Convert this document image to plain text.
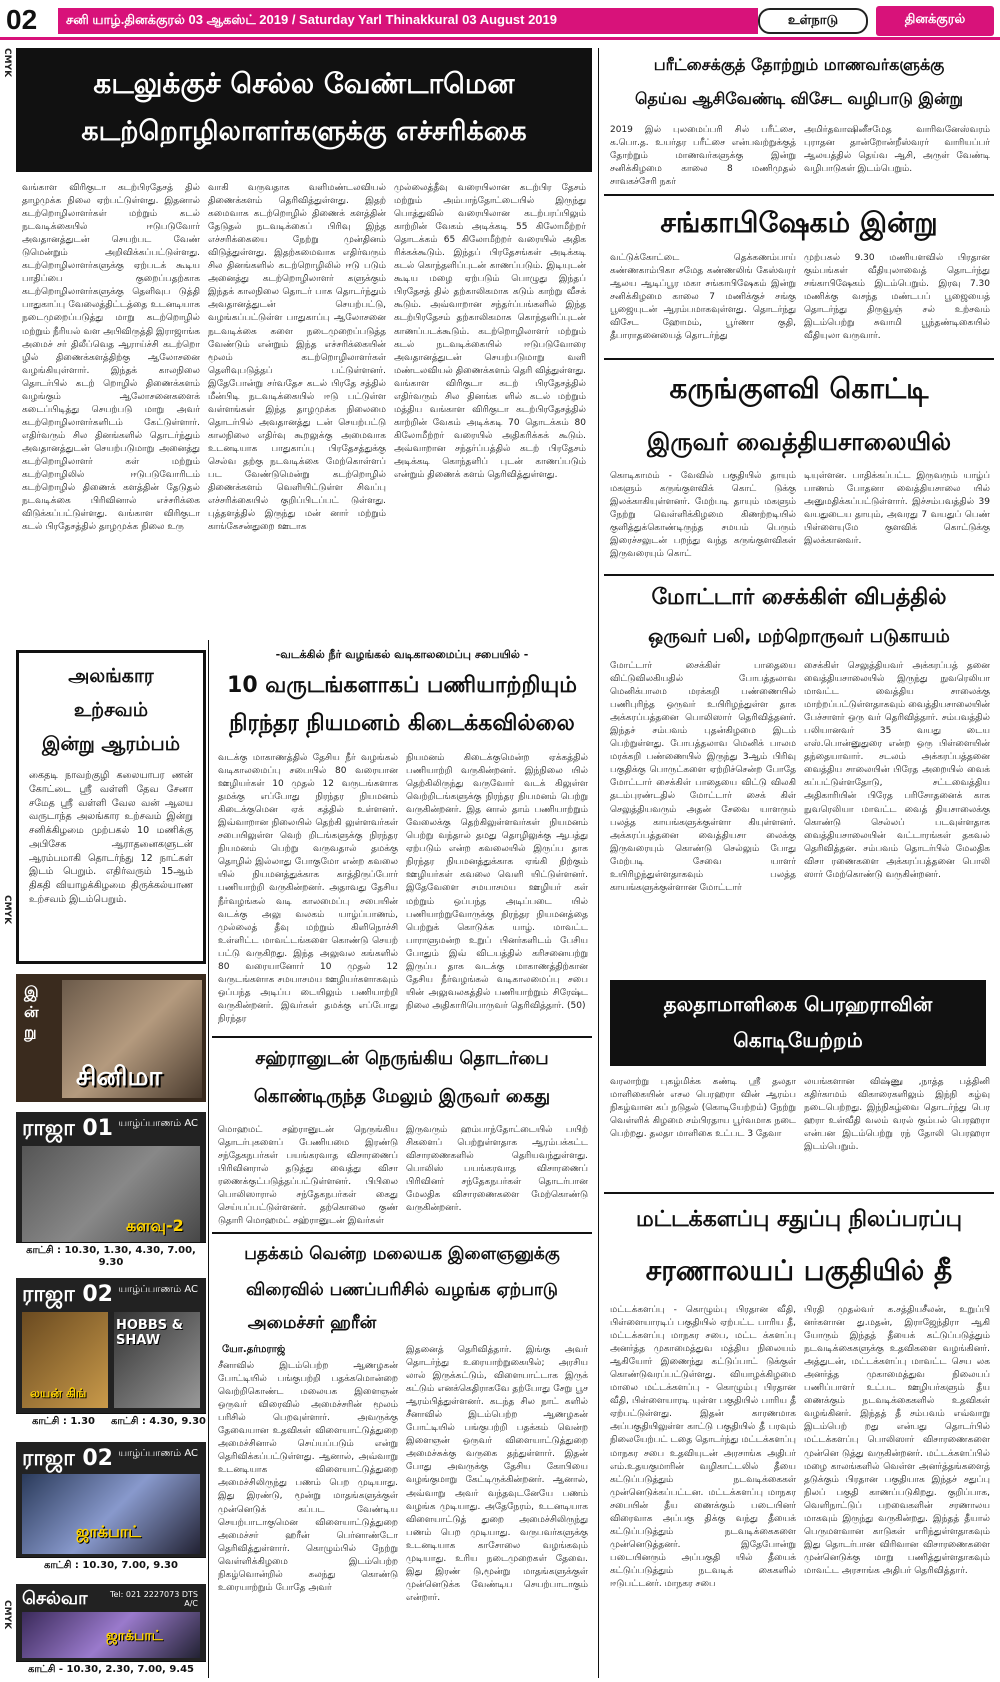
02	சனி யாழ்.தினக்குரல் 03 ஆகஸ்ட் 2019 / Saturday Yarl Thinakkural 03 August 2019	உள்நாடு	தினக்குரல்
CMYK
CMYK
CMYK
கடலுக்குச் செல்ல வேண்டாமென
கடற்றொழிலாளர்களுக்கு எச்சரிக்கை
வங்காள விரிகுடா கடற்பிரதேசத் தில் தாழமுக்க நிலை ஏற்பட்டுள்ளது. இதனால் கடற்றொழிலாளர்கள் மற்றும் கடல் நடவடிக்கையில் ஈடுபடுவோர் அவதானத்துடன் செயற்பட வேண் டுமென்றும் அறிவிக்கப்பட்டுள்ளது. கடற்றொழிலாளர்களுக்கு ஏற்படக் கூடிய பாதிப்பை குறைப்பதற்காக கடற்றொழிலாளர்களுக்கு தெளிவுப டுத்தி பாதுகாப்பு வேலைத்திட்டத்தை உடனடியாக நடைமுறைப்படுத்து மாறு கடற்றொழில் மற்றும் நீரியல் வள அபிவிருத்தி இராஜாங்க அமைச் சர் திலீப்வெத ஆராய்ச்சி கடற்றொ ழில் திணைக்களத்திற்கு ஆலோசனை வழங்கியுள்ளார். இந்தக் காலநிலை தொடர்பில் கடற் றொழில் திணைக்களம் வழங்கும் ஆலோசனைகளைக் கடைப்பிடித்து செயற்படு மாறு அவர் கடற்றொழிலாளர்களிடம் கேட்டுள்ளார். எதிர்வரும் சில தினங்களில் தொடர்ந்தும் அவதானத்துடன் செயற்படுமாறு அனைத்து கடற்றொழிலாளர் கள் மற்றும் கடற்றொழிலில் ஈடுபடுவோரிடம் கடற்றொழில் திணைக் களத்தின் தேடுதல் நடவடிக்கை பிரிவினால் எச்சரிக்கை விடுக்கப்பட்டுள்ளது. வங்காள விரிகுடா கடல் பிரதேசத்தில் தாழமுக்க நிலை உரு
வாகி வருவதாக வளிமண்டலவியல் திணைக்களம் தெரிவித்துள்ளது. இதற் கமைவாக கடற்றொழில் திணைக் களத்தின் தேடுதல் நடவடிக்கைப் பிரிவு இந்த எச்சரிக்கையை நேற்று முன்தினம் விடுத்துள்ளது. இதற்கமைவாக எதிர்வரும் சில தினங்களில் கடற்றொழிலில் ஈடு படும் அனைத்து கடற்றொழிலாளர் களுக்கும் இந்தக் காலநிலை தொடர் பாக தொடர்ந்தும் அவதானத்துடன் செயற்பட்டு, வழங்கப்பட்டுள்ள பாதுகாப்பு ஆலோசனை நடவடிக்கை களை நடைமுறைப்படுத்த வேண்டும் என்றும் இந்த எச்சரிக்கையின் மூலம் கடற்றொழிலாளர்கள் தெளிவுபடுத்தப் பட்டுள்ளனர். இதேபோன்று சர்வதேச கடல் பிரதே சத்தில் மீன்பிடி நடவடிக்கையில் ஈடு பட்டுள்ள வள்ளங்கள் இந்த தாழமுக்க நிலைமை தொடர்பில் அவதானத்து டன் செயற்பட்டு காலநிலை எதிர்வு கூறலுக்கு அமைவாக உடனடியாக பாதுகாப்பு பிரதேசத்துக்கு செல்வ தற்கு நடவடிக்கை மேற்கொள்ளப் பட வேண்டுமென்று கடற்றொழில் திணைக்களம் வெளியிட்டுள்ள சிவப்பு எச்சரிக்கையில் குறிப்பிடப்பட் டுள்ளது. புத்தளத்தில் இருந்து மன் னார் மற்றும் காங்கேசன்துறை ஊடாக
முல்லைத்தீவு வரையிலான கடற்பிர தேசம் மற்றும் அம்பாந்தோட்டையில் இருந்து பொத்துவில் வரையிலான கடற்பரப்பிலும் காற்றின் வேகம் அடிக்கடி 55 கிலோமீற்றர் தொடக்கம் 65 கிலோமீற்றர் வரையில் அதிக ரிக்கக்கூடும். இந்தப் பிரதேசங்கள் அடிக்கடி கடல் கொந்தளிப்புடன் காணப்படும். இடியுடன் கூடிய மழை ஏற்படும் பொழுது இந்தப் பிரதேசத் தில் தற்காலிகமாக கடும் காற்று வீசக் கூடும். அவ்வாறான சந்தர்ப்பங்களில் இந்த கடற்பிரதேசம் தற்காலிகமாக கொந்தளிப்புடன் காணப்படக்கூடும். கடற்றொழிலாளர் மற்றும் கடல் நடவடிக்கையில் ஈடுபடுவோரை அவதானத்துடன் செயற்படுமாறு வளி மண்டலவியல் திணைக்களம் தெரி வித்துள்ளது. வங்காள விரிகுடா கடற் பிரதேசத்தில் எதிர்வரும் சில தினங்க ளில் கடல் மற்றும் மத்திய வங்காள விரிகுடா கடற்பிரதேசத்தில் காற்றின் வேகம் அடிக்கடி 70 தொடக்கம் 80 கிலோமீற்றர் வரையில் அதிகரிக்கக் கூடும். அவ்வாறான சந்தர்ப்பத்தில் கடற் பிரதேசம் அடிக்கடி கொந்தளிப் புடன் காணப்படும் என்றும் திணைக் களம் தெரிவித்துள்ளது.
அலங்கார உற்சவம்
இன்று ஆரம்பம்
கைதடி நாவற்குழி கலையாபர ணன் கோட்டை ஸ்ரீ வள்ளி தேவ சேனா சமேத ஸ்ரீ வள்ளி வேல வன் ஆலய வருடாந்த அலங்கார உற்சவம் இன்று சனிக்கிழமை முற்பகல் 10 மணிக்கு அபிசேக ஆராதனைகளுடன் ஆரம்பமாகி தொடர்ந்து 12 நாட்கள் இடம் பெறும். எதிர்வரும் 15ஆம் திகதி வியாழக்கிழமை திருக்கல்யாண உற்சவம் இடம்பெறும்.
இ ன் று
சினிமா
ராஜா 01 யாழ்ப்பாணம் AC
களவு-2
காட்சி : 10.30, 1.30, 4.30, 7.00, 9.30
ராஜா 02 யாழ்ப்பாணம் AC
HOBBS & SHAW
லயன் கிங்
காட்சி : 1.30	காட்சி : 4.30, 9.30
ராஜா 02 யாழ்ப்பாணம் AC
ஜாக்பாட்
காட்சி : 10.30, 7.00, 9.30
செல்வா	Tel: 021 2227073 DTS A/C
ஜாக்பாட்
காட்சி - 10.30, 2.30, 7.00, 9.45
-வடக்கில் நீர் வழங்கல் வடிகாலமைப்பு சபையில் -
10 வருடங்களாகப் பணியாற்றியும்
நிரந்தர நியமனம் கிடைக்கவில்லை
வடக்கு மாகாணத்தில் தேசிய நீர் வழங்கல் வடிகாலமைப்பு சபையில் 80 வரையான ஊழியர்கள் 10 முதல் 12 வருடங்களாக தமக்கு எப்போது நிரந்தர நியமனம் கிடைக்குமென ஏக் கத்தில் உள்ளனர். இவ்வாறான நிலையில் தெற்கி லுள்ளவர்கள் சபையிலுள்ள வெற் றிடங்களுக்கு நிரந்தர நியமனம் பெற்று வருவதால் தமக்கு தொழில் இல்லாது போகுமோ என்ற கவலை யில் நியமனத்துக்காக காத்திருப்போர் பணியாற்றி வருகின்றனர். அதாவது தேசிய நீர்வழங்கல் வடி காலமைப்பு சபையின் வடக்கு அலு வலகம் யாழ்ப்பாணம், முல்லைத் தீவு மற்றும் கிளிநொச்சி உள்ளிட்ட மாவட்டங்களை கொண்டு செயற் பட்டு வருகிறது. இந்த அலுவல கங்களில் 80 வரையானோர் 10 முதல் 12 வருடங்களாக சமயாசமய ஊழியர்களாகவும் ஒப்பந்த அடிப்ப டையிலும் பணியாற்றி வருகின்றனர். இவர்கள் தமக்கு எப்போது நிரந்தர
நியமனம் கிடைக்குமென்ற ஏக்கத்தில் பணியாற்றி வருகின்றனர். இந்நிலை யில் தெற்கிலிருந்து வருவோர் வடக் கிலுள்ள வெற்றிடங்களுக்கு நிரந்தர நியமனம் பெற்று வருகின்றனர். இத னால் தாம் பணியாற்றும் வேலைக்கு தெற்கிலுள்ளவர்கள் நியமனம் பெற்று வந்தால் தமது தொழிலுக்கு ஆபத்து ஏற்படும் என்ற கவலையில் இருப்ப தாக நிரந்தர நியமனத்துக்காக ஏங்கி நிற்கும் ஊழியர்கள் கவலை வெளி யிட்டுள்ளனர். இதேவேளை சமயாசமய ஊழியர் கள் மற்றும் ஒப்பந்த அடிப்படை யில் பணியாற்றுவோருக்கு நிரந்தர நியமனத்தை பெற்றுக் கொடுக்க யாழ். மாவட்ட பாராளுமன்ற உறுப் பினர்களிடம் பேசிய போதும் இவ் விடயத்தில் கரிசனையற்று இருப்ப தாக வடக்கு மாகாணத்திற்கான தேசிய நீர்வழங்கல் வடிகாலமைப்பு சபை யின் அலுவலகத்தில் பணியாற்றும் சிரேஷ்ட நிலை அதிகாரியொருவர் தெரிவித்தார். (50)
சஹ்ரானுடன் நெருங்கிய தொடர்பை
கொண்டிருந்த மேலும் இருவர் கைது
மொஹமட் சஹ்ரானுடன் நெருங்கிய தொடர்புகளைப் பேணியமை இரண்டு சந்தேகநபர்கள் பயங்கரவாத விசாரணைப் பிரிவினரால் தடுத்து வைத்து விசா ரணைக்குட்படுத்தப்பட்டுள்ளனர். பிபிலை பொலிஸாரால் சந்தேகநபர்கள் கைது செய்யப்பட்டுள்ளனர். தற்கொலை குண் டுதாரி மொஹமட் சஹ்ரானுடன் இவர்கள்
இருவரும் ஹம்பாந்தோட்டையில் பயிற் சிகளைப் பெற்றுள்ளதாக ஆரம்பக்கட்ட விசாரணைகளில் தெரியவந்துள்ளது. பொலிஸ் பயங்கரவாத விசாரணைப் பிரிவினர் சந்தேகநபர்கள் தொடர்பான மேலதிக விசாரணைகளை மேற்கொண்டு வருகின்றனர்.
பதக்கம் வென்ற மலையக இளைஞனுக்கு
விரைவில் பணப்பரிசில் வழங்க ஏற்பாடு
அமைச்சர் ஹரீன்
யோ.தர்மராஜ்
சீனாவில் இடம்பெற்ற ஆணழகன் போட்டியில் பங்குபற்றி பதக்கமொன்றை வெற்றிகொண்ட மலையக இளைஞன் ஒருவர் விரைவில் அமைச்சரின் மூலம் பரிசில் பெறவுள்ளார். அவருக்கு தேவையான உதவிகள் விளையாட்டுத்துறை அமைச்சினால் செய்யப்படும் என்று தெரிவிக்கப்பட்டுள்ளது. ஆனால், அவ்வாறு உடனடியாக விளையாட்டுத்துறை அமைச்சிலிருந்து பணம் பெற முடியாது. இது இரண்டு, மூன்று மாதங்களுக்குள் முன்னெடுக் கப்பட வேண்டிய செயற்பாடாகுமென விளையாட்டுத்துறை அமைச்சர் ஹரீன் பெர்னாண்டோ தெரிவித்துள்ளார். கொழும்பில் நேற்று வெள்ளிக்கிழமை இடம்பெற்ற நிகழ்வொன்றில் கலந்து கொண்டு உரையாற்றும் போதே அவர்
இதனைத் தெரிவித்தார். இங்கு அவர் தொடர்ந்து உரையாற்றுகையில்; அரசிய லால் இருக்கட்டும், விளையாட்டாக இருக் கட்டும் எனக்கெதிராகவே தற்போது சேறு பூச ஆரம்பித்துள்ளனர். கடந்த சில நாட் களில் சீனாவில் இடம்பெற்ற ஆணழகன் போட்டியில் பங்குபற்றி பதக்கம் வென்ற இளைஞன் ஒருவர் விளையாட்டுத்துறை அமைச்சுக்கு வருகை தந்துள்ளார். இதன் போது அவருக்கு தேசிய கோபியை வழங்குமாறு கேட்டிருக்கின்றனர். ஆனால், அவ்வாறு அவர் வந்தவுடனேயே பணம் வழங்க முடியாது. அதேநேரம், உடனடியாக விளையாட்டுத் துறை அமைச்சிலிருந்து பணம் பெற முடியாது. வருபவர்களுக்கு உடனடியாக காசோலை வழங்கவும் முடியாது. உரிய நடைமுறைகள் தேவை. இது இரண் டு,மூன்று மாதங்களுக்குள் முன்னெடுக்க வேண்டிய செயற்பாடாகும் என்றார்.
பரீட்சைக்குத் தோற்றும் மாணவர்களுக்கு
தெய்வ ஆசிவேண்டி விசேட வழிபாடு இன்று
2019 இல் புலமைப்பரி சில் பரீட்சை, க.பொ.த. உயர்தர பரீட்சை என்பவற்றுக்குத் தோற்றும் மாணவர்களுக்கு இன்று சனிக்கிழமை காலை 8 மணிமுதல் சாவகச்சேரி நகர்
அமிர்தவாஷினீசமேத வாரிவனேஸ்வரம் புராதன தான்றோன்றீஸ்வரர் வாரியப்பர் ஆலயத்தில் தெய்வ ஆசி, அருள் வேண்டி வழிபாடுகள் இடம்பெறும்.
சங்காபிஷேகம் இன்று
வட்டுக்கோட்டை தெக்கணம்பாய் கண்ணகாம்பிகா சமேத கண்ணலிங் கேஸ்வரர் ஆலய ஆடிப்பூர மகா சங்காபிஷேகம் இன்று சனிக்கிழமை காலை 7 மணிக்குச் சங்கு பூஜையுடன் ஆரம்பமாகவுள்ளது. தொடர்ந்து விசேட ஹோமம், பூர்ணா குதி, தீபாராதனையைத் தொடர்ந்து
முற்பகல் 9.30 மணியளவில் பிரதான கும்பங்கள் வீதியுலாவைத் தொடர்ந்து சங்காபிஷேகம் இடம்பெறும். இரவு 7.30 மணிக்கு வசந்த மண்டபப் பூஜையைத் தொடர்ந்து திருவூஞ் சல் உற்சவம் இடம்பெற்று சுவாமி பூந்தண்டிகையில் வீதியுலா வருவார்.
கருங்குளவி கொட்டி
இருவர் வைத்தியசாலையில்
கொடிகாமம் - வேவில் பகுதியில் தாயும் மகளும் கருங்குளவிக் கொட் டுக்கு இலக்காகியுள்ளனர். மேற்படி தாயும் மகளும் நேற்று வெள்ளிக்கிழமை கிணற்றடியில் குளித்துக்கொண்டிருந்த சமயம் பெரும் இரைச்சலுடன் பறந்து வந்த கருங்குளவிகள் இருவரையும் கொட்
டியுள்ளன. பாதிக்கப்பட்ட இருவரும் யாழ்ப் பாணம் போதனா வைத்தியசாலை யில் அனுமதிக்கப்பட்டுள்ளார். இச்சம்பவத்தில் 39 வயதுடைய தாயும், அவரது 7 வயதுப் பெண் பிள்ளையுமே குளவிக் கொட்டுக்கு இலக்கானவர்.
மோட்டார் சைக்கிள் விபத்தில்
ஒருவர் பலி, மற்றொருவர் படுகாயம்
மோட்டார் சைக்கிள் பாதையை விட்டுவிலகியதில் போபத்தலாவ மெனிக்பாலம மரக்கறி பண்ணையில் பணிபுரிந்த ஒருவர் உயிரிழந்துள்ள தாக அக்கரப்பத்தனை பொலிஸார் தெரிவித்தனர். இந்தச் சம்பவம் புதன்கிழமை இடம் பெற்றுள்ளது. போபத்தலாவ மெனிக் பாலம மரக்கறி பண்ணையில் இருந்து 3ஆம் பிரிவு பகுதிக்கு பொருட்களை ஏற்றிச்சென்ற போதே மோட்டார் சைக்கிள் பாதையை விட்டு விலகி தடம்புரண்டதில் மோட்டார் சைக் கிள் செலுத்தியவரும் அதன் சேவை யாளரும் பலத்த காயங்களுக்குள்ளா கியுள்ளனர். அக்கரப்பத்தனை வைத்தியசா லைக்கு இருவரையும் கொண்டு செல்லும் போது மேற்படி சேவை யாளர் உயிரிழந்துள்ளதாகவும் பலத்த காயங்களுக்குள்ளான மோட்டார்
சைக்கிள் செலுத்தியவர் அக்கரப்பத் தனை வைத்தியசாலையில் இருந்து நுவரெலியா மாவட்ட வைத்திய சாலைக்கு மாற்றப்பட்டுள்ளதாகவும் வைத்தியசாலையின் பேச்சாளர் ஒரு வர் தெரிவித்தார். சம்பவத்தில் பலியானவர் 35 வயது டைய எஸ்.பொன்னுதுரை என்ற ஒரு பிள்ளையின் தந்தையாவார். சடலம் அக்கரப்பத்தனை வைத்திய சாலையின் பிரேத அறையில் வைக் கப்பட்டுள்ளதோடு, சட்டவைத்திய அதிகாரியின் பிரேத பரிசோதனைக் காக நுவரெலியா மாவட்ட வைத் தியசாலைக்கு கொண்டு செல்லப் படவுள்ளதாக வைத்தியசாலையின் வட்டாரங்கள் தகவல் தெரிவித்தன. சம்பவம் தொடர்பில் மேலதிக விசா ரணைகளை அக்கரப்பத்தனை பொலி ஸார் மேற்கொண்டு வருகின்றனர்.
தலதாமாளிகை பெரஹராவின்
கொடியேற்றம்
வரலாற்று புகழ்மிக்க கண்டி ஸ்ரீ தலதா மாளிகையின் எசல பெரஹரா வின் ஆரம்ப நிகழ்வான கப் நடுதல் (கொடியேற்றம்) நேற்று வெள்ளிக் கிழமை சம்பிரதாய பூர்வமாக நடை பெற்றது. தலதா மாளிகை உட்பட 3 தேவா
லயங்களான விஷ்ணு ,நாத்த பத்தினி கதிர்காமம் விகாரைகளிலும் இந்நி கழ்வு நடைபெற்றது. இந்நிகழ்வை தொடர்ந்து பெர ஹரா உள்வீதி வலம் வரல் கும்பல் பெரஹரா என்பன இடம்பெற்று ரந் தோலி பெரஹரா இடம்பெறும்.
மட்டக்களப்பு சதுப்பு நிலப்பரப்பு
சரணாலயப் பகுதியில் தீ
மட்டக்களப்பு - கொழும்பு பிரதான வீதி, பிள்ளையாரடிப் பகுதியில் ஏற்பட்ட பாரிய தீ, மட்டக்களப்பு மாநகர சபை, மட்ட க்களப்பு அனர்த்த முகாமைத்துவ மத்திய நிலையம் ஆகியோர் இணைந்து கட்டுப்பாட் டுக்குள் கொண்டுவரப்பட்டுள்ளது. வியாழக்கிழமை மாலை மட்டக்களப்பு - கொழும்பு பிரதான வீதி, பிள்ளையாரடி யுள்ள பகுதியில் பாரிய தீ ஏற்பட்டுள்ளது. இதன் காரணமாக அப்பகுதியிலுள்ள காட்டு பகுதியில் தீ பரவும் நிலையேற்பட் டதை தொடர்ந்து மட்டக்களப்பு மாநகர சபை உதவியுடன் அரசாங்க அதிபர் எம்.உதயகுமாரின் வழிகாட்டலில் தீயை கட்டுப்படுத்தும் நடவடிக்கைகள் முன்னெடுக்கப்பட்டன. மட்டக்களப்பு மாநகர சபையின் தீய ணைக்கும் படையினர் விரைவாக அப்பகு திக்கு வந்து தீயைக் கட்டுப்படுத்தும் நடவடிக்கைகளை முன்னெடுத்தனர். இதேபோன்று படையினரும் அப்பகுதி யில் தீயைக் கட்டுப்படுத்தும் நடவடிக் கைகளில் ஈடுபட்டனர். மாநகர சபை
பிரதி முதல்வர் க.சத்தியசீலன், உறுப்பி னர்களான து.மதன், இராஜேந்திரா ஆகி யோரும் இந்தத் தீயைக் கட்டுப்படுத்தும் நடவடிக்கைகளுக்கு உதவிகளை வழங்கினர். அத்துடன், மட்டக்களப்பு மாவட்ட செய லக அனர்த்த முகாமைத்துவ நிலையப் பணிப்பாளர் உட்பட ஊழியர்களும் தீய ணைக்கும் நடவடிக்கைகளில் உதவிகள் வழங்கினர். இந்தத் தீ சம்பவம் எவ்வாறு இடம்பெற் றது என்பது தொடர்பில் மட்டக்களப்பு பொலிஸார் விசாரணைகளை முன்னெ டுத்து வருகின்றனர். மட்டக்களப்பில் மழை காலங்களில் வெள்ள அனர்த்தங்களைத் தடுக்கும் பிரதான பகுதியாக இந்தச் சதுப்பு நிலப் பகுதி காணப்படுகிறது. குறிப்பாக, வெளிநாட்டுப் பறவைகளின் சரணாலய மாகவும் இருந்து வருகின்றது. இந்தத் தீயால் பெருமளவான காடுகள் எரிந்துள்ளதாகவும் இது தொடர்பான விரிவான விசாரணைகளை முன்னெடுக்கு மாறு பணித்துள்ளதாகவும் மாவட்ட அரசாங்க அதிபர் தெரிவித்தார்.
